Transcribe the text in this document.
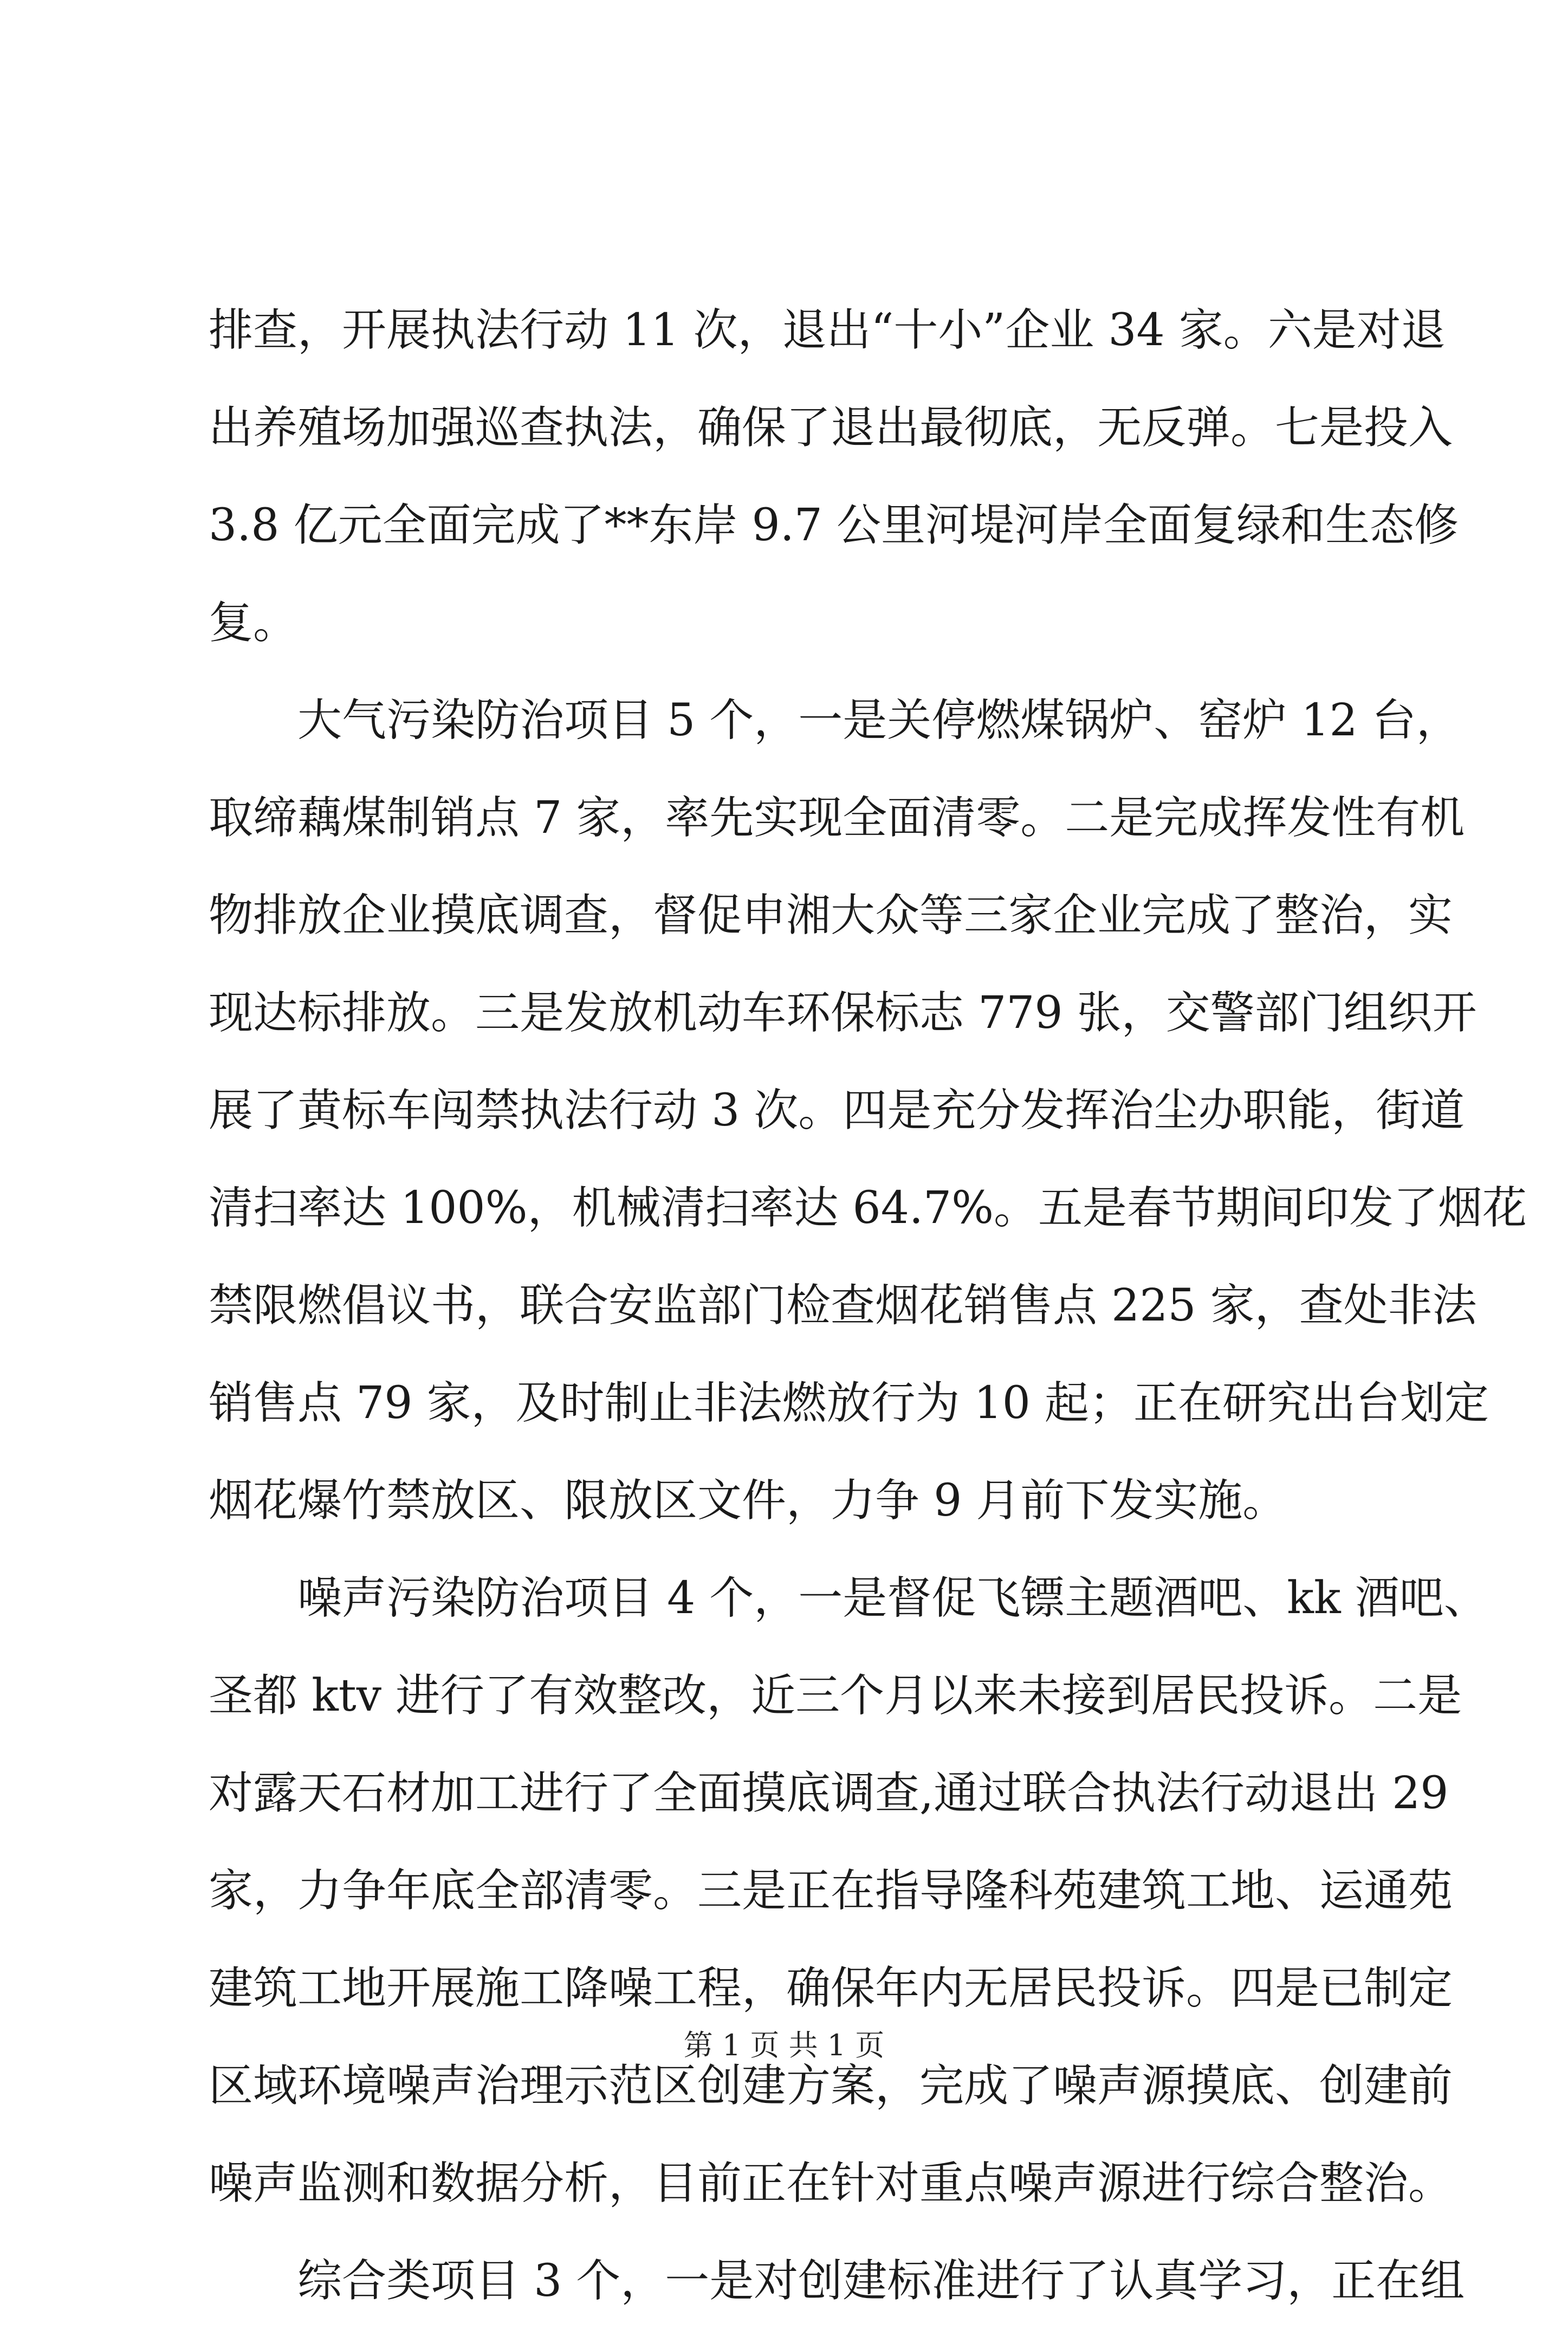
排查，开展执法行动 11 次，退出“十小”企业 34 家。六是对退
出养殖场加强巡查执法，确保了退出最彻底，无反弹。七是投入
3.8 亿元全面完成了**东岸 9.7 公里河堤河岸全面复绿和生态修
复。
大气污染防治项目 5 个，一是关停燃煤锅炉、窑炉 12 台，
取缔藕煤制销点 7 家，率先实现全面清零。二是完成挥发性有机
物排放企业摸底调查，督促申湘大众等三家企业完成了整治，实
现达标排放。三是发放机动车环保标志 779 张，交警部门组织开
展了黄标车闯禁执法行动 3 次。四是充分发挥治尘办职能，街道
清扫率达 100%，机械清扫率达 64.7%。五是春节期间印发了烟花
禁限燃倡议书，联合安监部门检查烟花销售点 225 家，查处非法
销售点 79 家，及时制止非法燃放行为 10 起；正在研究出台划定
烟花爆竹禁放区、限放区文件，力争 9 月前下发实施。
噪声污染防治项目 4 个，一是督促飞镖主题酒吧、kk 酒吧、
圣都 ktv 进行了有效整改，近三个月以来未接到居民投诉。二是
对露天石材加工进行了全面摸底调查,通过联合执法行动退出 29
家，力争年底全部清零。三是正在指导隆科苑建筑工地、运通苑
建筑工地开展施工降噪工程，确保年内无居民投诉。四是已制定
区域环境噪声治理示范区创建方案，完成了噪声源摸底、创建前
噪声监测和数据分析，目前正在针对重点噪声源进行综合整治。
综合类项目 3 个，一是对创建标准进行了认真学习，正在组
第 1 页 共 1 页
